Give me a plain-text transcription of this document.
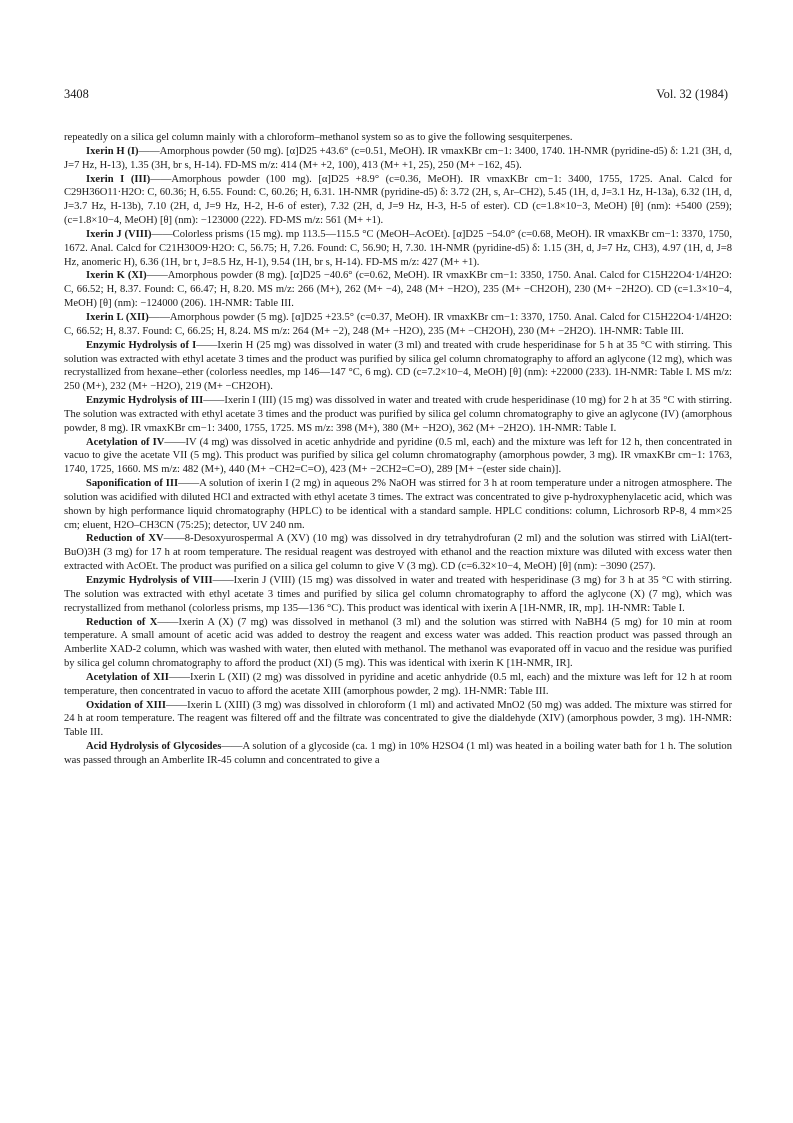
3408	Vol. 32 (1984)

repeatedly on a silica gel column mainly with a chloroform–methanol system so as to give the following sesquiterpenes.

Ixerin H (I)——Amorphous powder (50 mg). [α]D25 +43.6° (c=0.51, MeOH). IR νmaxKBr cm−1: 3400, 1740. 1H-NMR (pyridine-d5) δ: 1.21 (3H, d, J=7 Hz, H-13), 1.35 (3H, br s, H-14). FD-MS m/z: 414 (M+ +2, 100), 413 (M+ +1, 25), 250 (M+ −162, 45).

Ixerin I (III)——Amorphous powder (100 mg). [α]D25 +8.9° (c=0.36, MeOH). IR νmaxKBr cm−1: 3400, 1755, 1725. Anal. Calcd for C29H36O11·H2O: C, 60.36; H, 6.55. Found: C, 60.26; H, 6.31. 1H-NMR (pyridine-d5) δ: 3.72 (2H, s, Ar–CH2), 5.45 (1H, d, J=3.1 Hz, H-13a), 6.32 (1H, d, J=3.7 Hz, H-13b), 7.10 (2H, d, J=9 Hz, H-2, H-6 of ester), 7.32 (2H, d, J=9 Hz, H-3, H-5 of ester). CD (c=1.8×10−3, MeOH) [θ] (nm): +5400 (259); (c=1.8×10−4, MeOH) [θ] (nm): −123000 (222). FD-MS m/z: 561 (M+ +1).

Ixerin J (VIII)——Colorless prisms (15 mg). mp 113.5—115.5 °C (MeOH–AcOEt). [α]D25 −54.0° (c=0.68, MeOH). IR νmaxKBr cm−1: 3370, 1750, 1672. Anal. Calcd for C21H30O9·H2O: C, 56.75; H, 7.26. Found: C, 56.90; H, 7.30. 1H-NMR (pyridine-d5) δ: 1.15 (3H, d, J=7 Hz, CH3), 4.97 (1H, d, J=8 Hz, anomeric H), 6.36 (1H, br t, J=8.5 Hz, H-1), 9.54 (1H, br s, H-14). FD-MS m/z: 427 (M+ +1).

Ixerin K (XI)——Amorphous powder (8 mg). [α]D25 −40.6° (c=0.62, MeOH). IR νmaxKBr cm−1: 3350, 1750. Anal. Calcd for C15H22O4·1/4H2O: C, 66.52; H, 8.37. Found: C, 66.47; H, 8.20. MS m/z: 266 (M+), 262 (M+ −4), 248 (M+ −H2O), 235 (M+ −CH2OH), 230 (M+ −2H2O). CD (c=1.3×10−4, MeOH) [θ] (nm): −124000 (206). 1H-NMR: Table III.

Ixerin L (XII)——Amorphous powder (5 mg). [α]D25 +23.5° (c=0.37, MeOH). IR νmaxKBr cm−1: 3370, 1750. Anal. Calcd for C15H22O4·1/4H2O: C, 66.52; H, 8.37. Found: C, 66.25; H, 8.24. MS m/z: 264 (M+ −2), 248 (M+ −H2O), 235 (M+ −CH2OH), 230 (M+ −2H2O). 1H-NMR: Table III.

Enzymic Hydrolysis of I——Ixerin H (25 mg) was dissolved in water (3 ml) and treated with crude hesperidinase for 5 h at 35 °C with stirring. This solution was extracted with ethyl acetate 3 times and the product was purified by silica gel column chromatography to afford an aglycone (12 mg), which was recrystallized from hexane–ether (colorless needles, mp 146—147 °C, 6 mg). CD (c=7.2×10−4, MeOH) [θ] (nm): +22000 (233). 1H-NMR: Table I. MS m/z: 250 (M+), 232 (M+ −H2O), 219 (M+ −CH2OH).

Enzymic Hydrolysis of III——Ixerin I (III) (15 mg) was dissolved in water and treated with crude hesperidinase (10 mg) for 2 h at 35 °C with stirring. The solution was extracted with ethyl acetate 3 times and the product was purified by silica gel column chromatography to give an aglycone (IV) (amorphous powder, 8 mg). IR νmaxKBr cm−1: 3400, 1755, 1725. MS m/z: 398 (M+), 380 (M+ −H2O), 362 (M+ −2H2O). 1H-NMR: Table I.

Acetylation of IV——IV (4 mg) was dissolved in acetic anhydride and pyridine (0.5 ml, each) and the mixture was left for 12 h, then concentrated in vacuo to give the acetate VII (5 mg). This product was purified by silica gel column chromatography (amorphous powder, 3 mg). IR νmaxKBr cm−1: 1763, 1740, 1725, 1660. MS m/z: 482 (M+), 440 (M+ −CH2=C=O), 423 (M+ −2CH2=C=O), 289 [M+ −(ester side chain)].

Saponification of III——A solution of ixerin I (2 mg) in aqueous 2% NaOH was stirred for 3 h at room temperature under a nitrogen atmosphere. The solution was acidified with diluted HCl and extracted with ethyl acetate 3 times. The extract was concentrated to give p-hydroxyphenylacetic acid, which was shown by high performance liquid chromatography (HPLC) to be identical with a standard sample. HPLC conditions: column, Lichrosorb RP-8, 4 mm×25 cm; eluent, H2O–CH3CN (75:25); detector, UV 240 nm.

Reduction of XV——8-Desoxyurospermal A (XV) (10 mg) was dissolved in dry tetrahydrofuran (2 ml) and the solution was stirred with LiAl(tert-BuO)3H (3 mg) for 17 h at room temperature. The residual reagent was destroyed with ethanol and the reaction mixture was diluted with excess water then extracted with AcOEt. The product was purified on a silica gel column to give V (3 mg). CD (c=6.32×10−4, MeOH) [θ] (nm): −3090 (257).

Enzymic Hydrolysis of VIII——Ixerin J (VIII) (15 mg) was dissolved in water and treated with hesperidinase (3 mg) for 3 h at 35 °C with stirring. The solution was extracted with ethyl acetate 3 times and purified by silica gel column chromatography to afford the aglycone (X) (7 mg), which was recrystallized from methanol (colorless prisms, mp 135—136 °C). This product was identical with ixerin A [1H-NMR, IR, mp]. 1H-NMR: Table I.

Reduction of X——Ixerin A (X) (7 mg) was dissolved in methanol (3 ml) and the solution was stirred with NaBH4 (5 mg) for 10 min at room temperature. A small amount of acetic acid was added to destroy the reagent and excess water was added. This reaction product was passed through an Amberlite XAD-2 column, which was washed with water, then eluted with methanol. The methanol was evaporated off in vacuo and the residue was purified by silica gel column chromatography to afford the product (XI) (5 mg). This was identical with ixerin K [1H-NMR, IR].

Acetylation of XII——Ixerin L (XII) (2 mg) was dissolved in pyridine and acetic anhydride (0.5 ml, each) and the mixture was left for 12 h at room temperature, then concentrated in vacuo to afford the acetate XIII (amorphous powder, 2 mg). 1H-NMR: Table III.

Oxidation of XIII——Ixerin L (XIII) (3 mg) was dissolved in chloroform (1 ml) and activated MnO2 (50 mg) was added. The mixture was stirred for 24 h at room temperature. The reagent was filtered off and the filtrate was concentrated to give the dialdehyde (XIV) (amorphous powder, 3 mg). 1H-NMR: Table III.

Acid Hydrolysis of Glycosides——A solution of a glycoside (ca. 1 mg) in 10% H2SO4 (1 ml) was heated in a boiling water bath for 1 h. The solution was passed through an Amberlite IR-45 column and concentrated to give a
